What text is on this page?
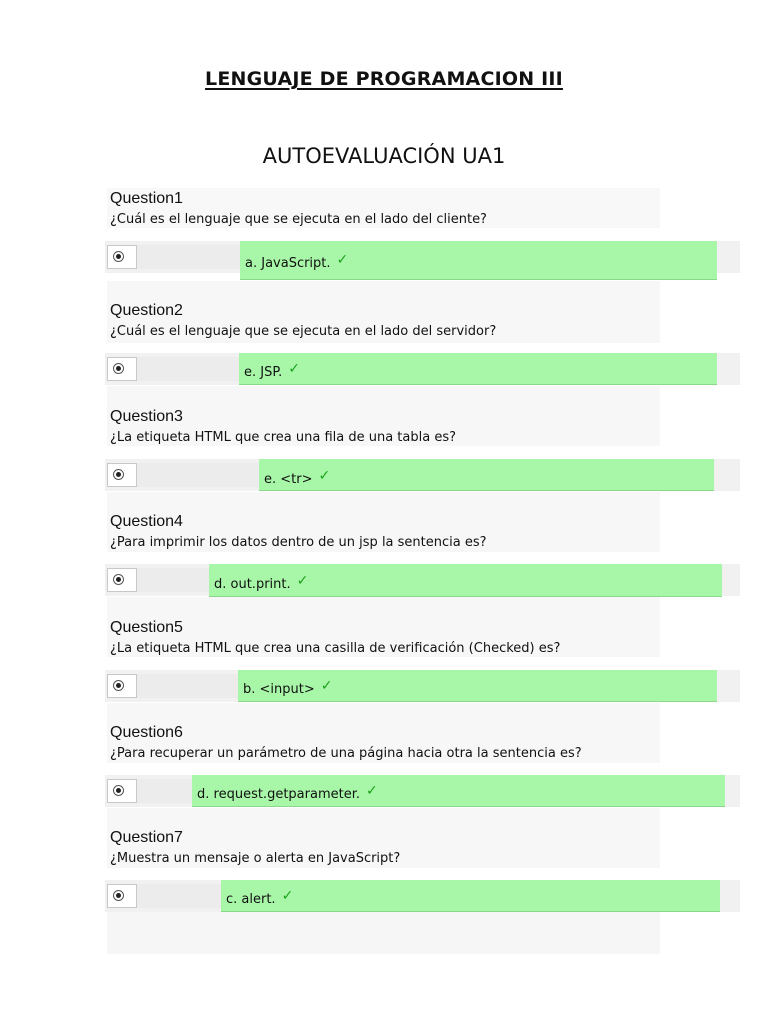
LENGUAJE DE PROGRAMACION III
AUTOEVALUACIÓN UA1
Question1
¿Cuál es el lenguaje que se ejecuta en el lado del cliente?
a. JavaScript. ✓
Question2
¿Cuál es el lenguaje que se ejecuta en el lado del servidor?
e. JSP. ✓
Question3
¿La etiqueta HTML que crea una fila de una tabla es?
e. <tr> ✓
Question4
¿Para imprimir los datos dentro de un jsp la sentencia es?
d. out.print. ✓
Question5
¿La etiqueta HTML que crea una casilla de verificación (Checked) es?
b. <input> ✓
Question6
¿Para recuperar un parámetro de una página hacia otra la sentencia es?
d. request.getparameter. ✓
Question7
¿Muestra un mensaje o alerta en JavaScript?
c. alert. ✓
